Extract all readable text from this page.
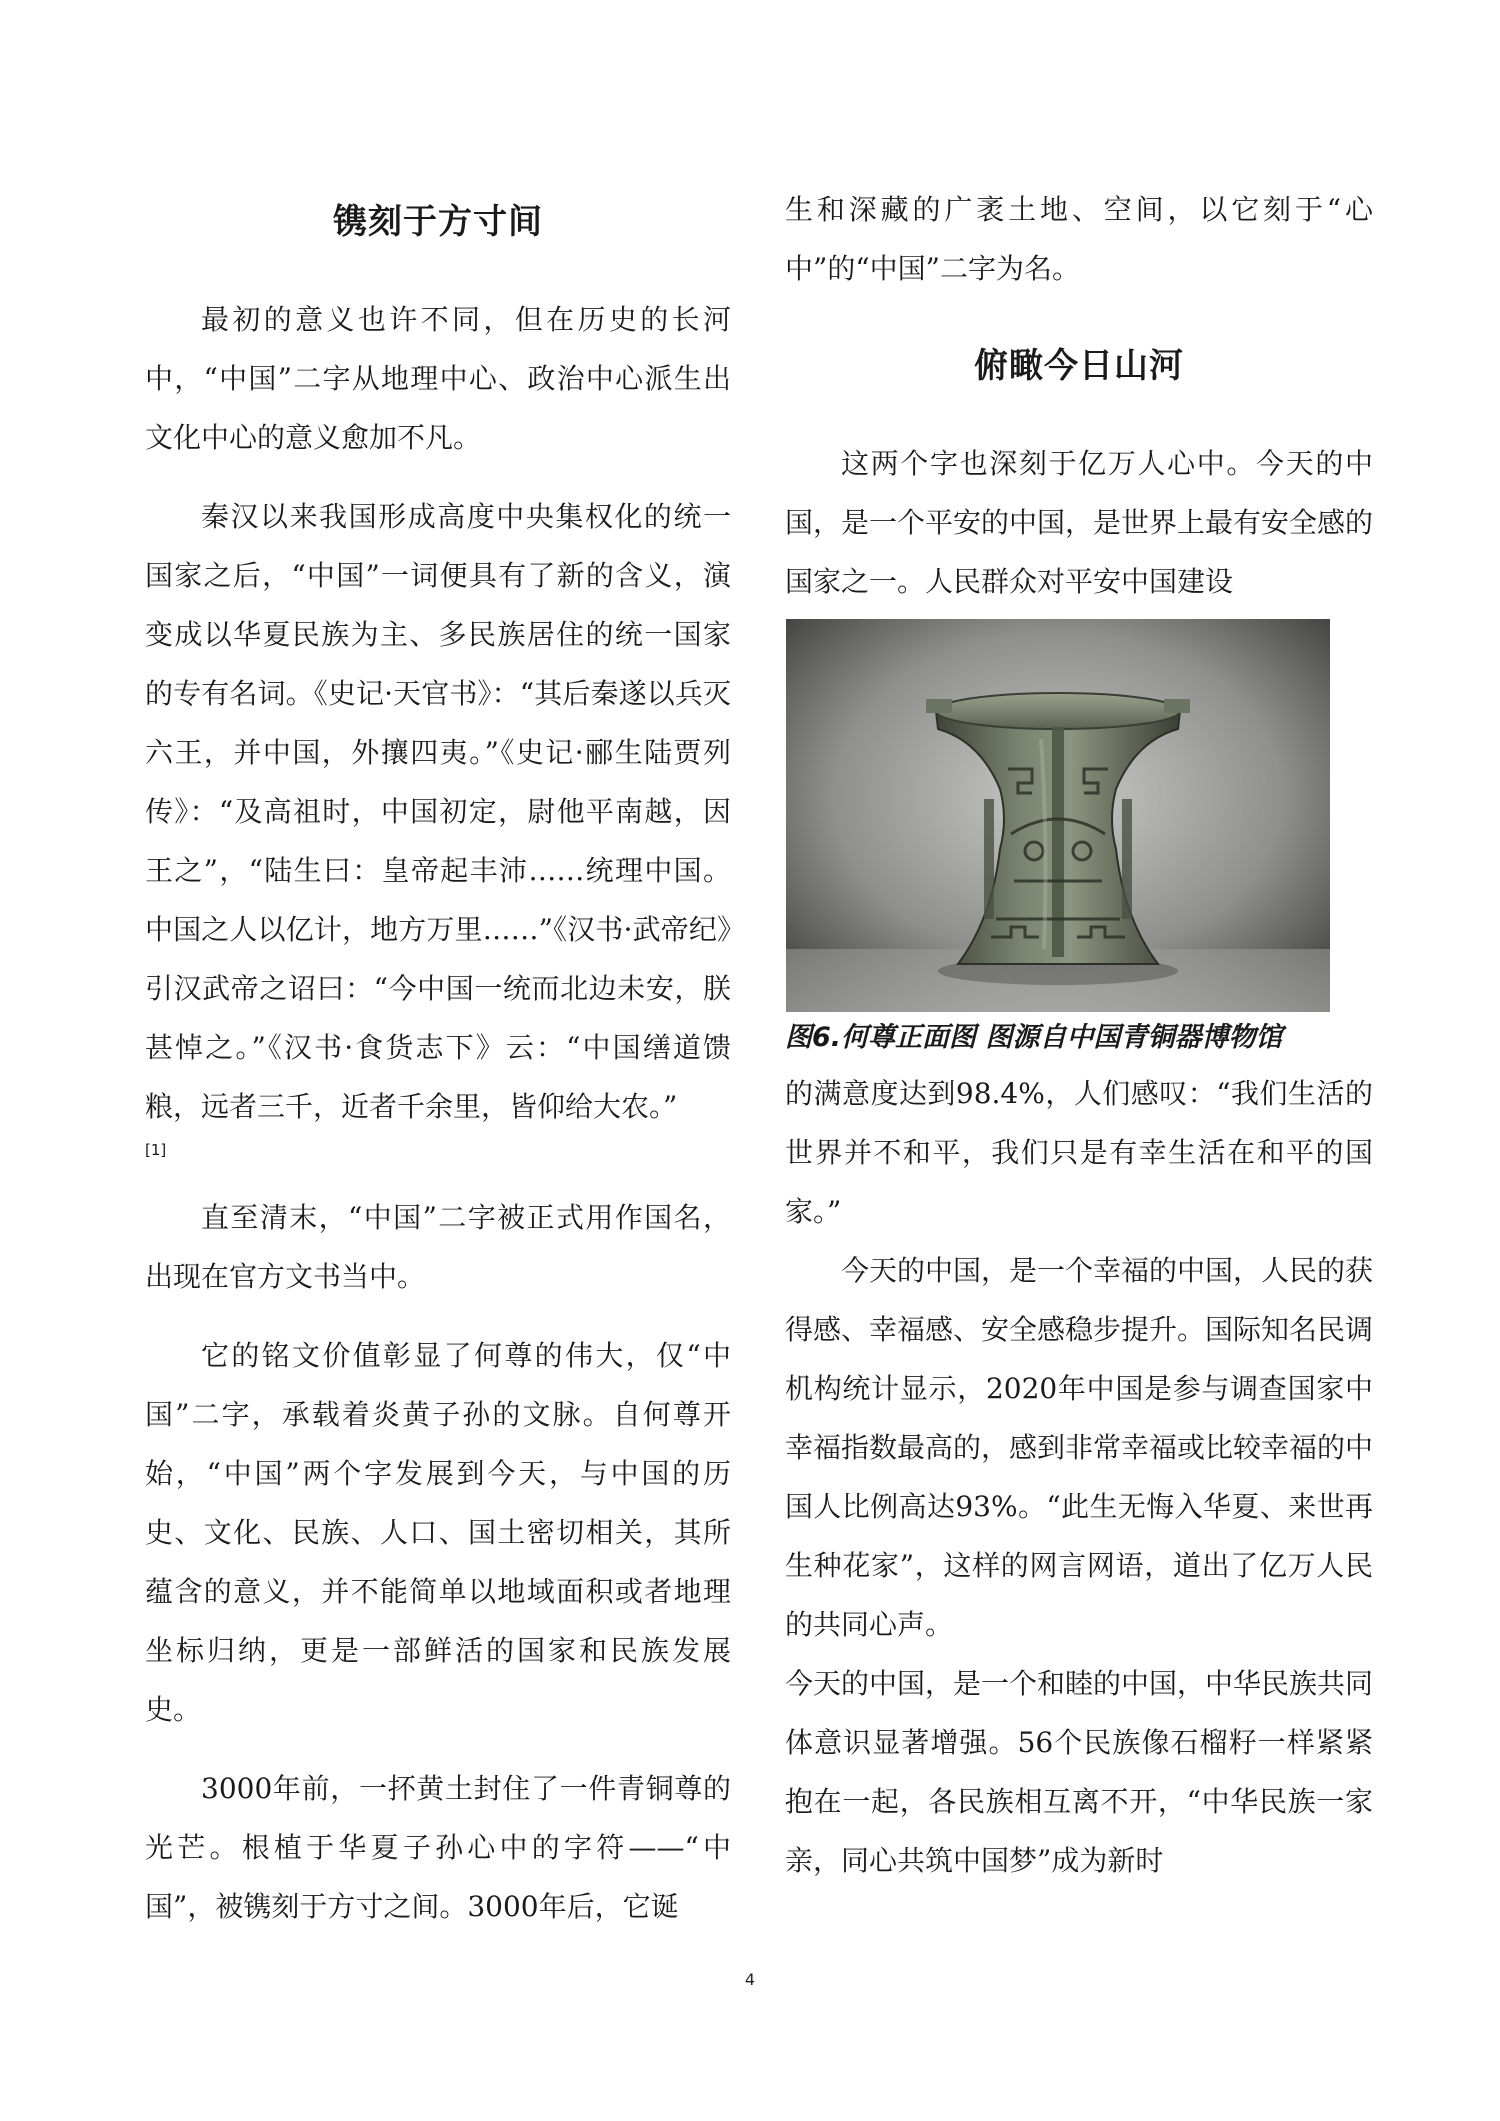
镌刻于方寸间

最初的意义也许不同，但在历史的长河中，“中国”二字从地理中心、政治中心派生出文化中心的意义愈加不凡。

秦汉以来我国形成高度中央集权化的统一国家之后，“中国”一词便具有了新的含义，演变成以华夏民族为主、多民族居住的统一国家的专有名词。《史记·天官书》：“其后秦遂以兵灭六王，并中国，外攘四夷。”《史记·郦生陆贾列传》：“及高祖时，中国初定，尉他平南越，因王之”，“陆生曰：皇帝起丰沛……统理中国。中国之人以亿计，地方万里……”《汉书·武帝纪》引汉武帝之诏曰：“今中国一统而北边未安，朕甚悼之。”《汉书·食货志下》云：“中国缮道馈粮，远者三千，近者千余里，皆仰给大农。”

[1]

直至清末，“中国”二字被正式用作国名，出现在官方文书当中。

它的铭文价值彰显了何尊的伟大，仅“中国”二字，承载着炎黄子孙的文脉。自何尊开始，“中国”两个字发展到今天，与中国的历史、文化、民族、人口、国土密切相关，其所蕴含的意义，并不能简单以地域面积或者地理坐标归纳，更是一部鲜活的国家和民族发展史。

3000年前，一抔黄土封住了一件青铜尊的光芒。根植于华夏子孙心中的字符——“中国”，被镌刻于方寸之间。3000年后，它诞

生和深藏的广袤土地、空间，以它刻于“心中”的“中国”二字为名。

俯瞰今日山河

这两个字也深刻于亿万人心中。今天的中国，是一个平安的中国，是世界上最有安全感的国家之一。人民群众对平安中国建设

图6.何尊正面图 图源自中国青铜器博物馆

的满意度达到98.4%，人们感叹：“我们生活的世界并不和平，我们只是有幸生活在和平的国家。”

今天的中国，是一个幸福的中国，人民的获得感、幸福感、安全感稳步提升。国际知名民调机构统计显示，2020年中国是参与调查国家中幸福指数最高的，感到非常幸福或比较幸福的中国人比例高达93%。“此生无悔入华夏、来世再生种花家”，这样的网言网语，道出了亿万人民的共同心声。

今天的中国，是一个和睦的中国，中华民族共同体意识显著增强。56个民族像石榴籽一样紧紧抱在一起，各民族相互离不开，“中华民族一家亲，同心共筑中国梦”成为新时

4
